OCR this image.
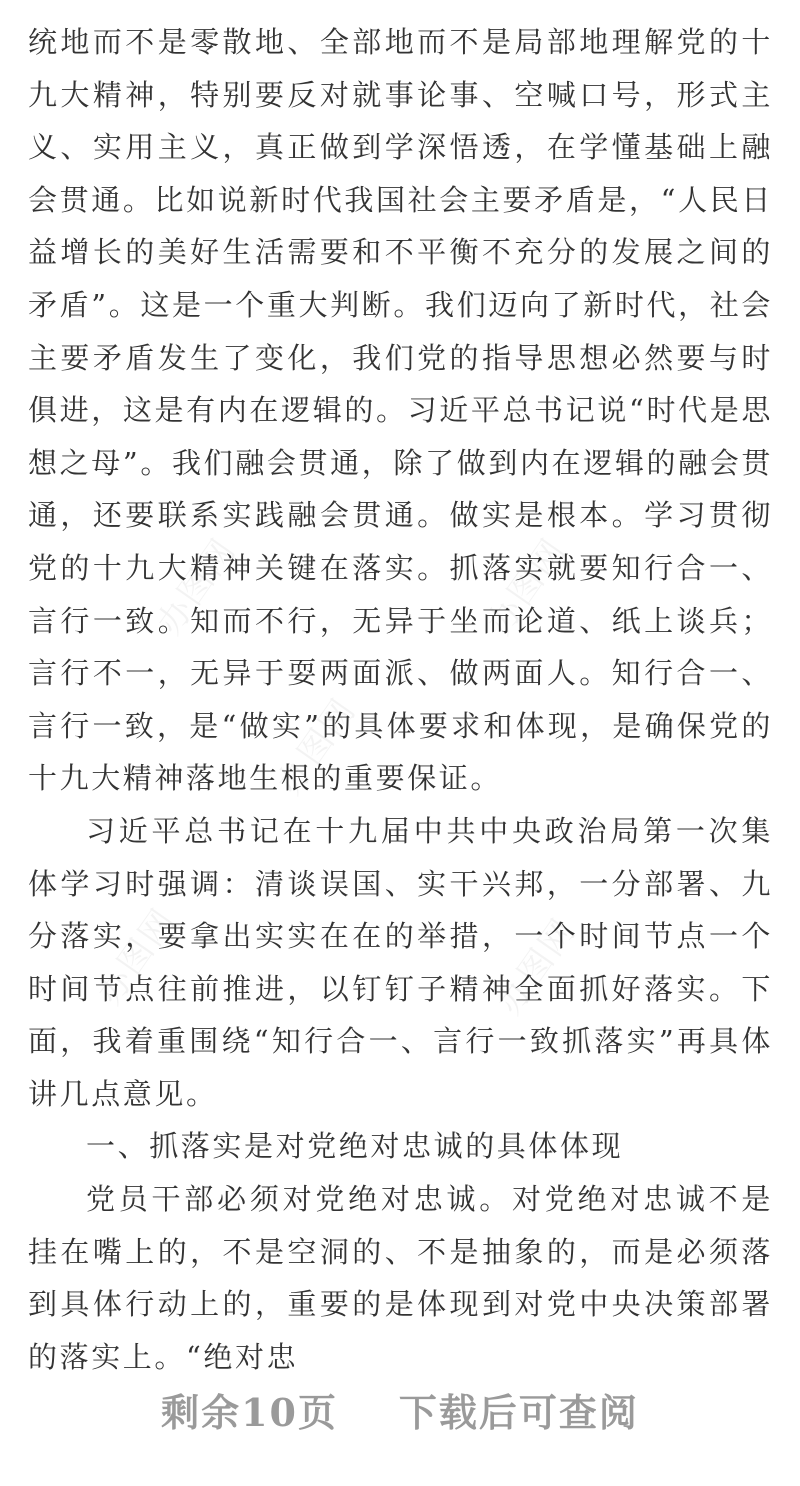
统地而不是零散地、全部地而不是局部地理解党的十九大精神，特别要反对就事论事、空喊口号，形式主义、实用主义，真正做到学深悟透，在学懂基础上融会贯通。比如说新时代我国社会主要矛盾是，“人民日益增长的美好生活需要和不平衡不充分的发展之间的矛盾”。这是一个重大判断。我们迈向了新时代，社会主要矛盾发生了变化，我们党的指导思想必然要与时俱进，这是有内在逻辑的。习近平总书记说“时代是思想之母”。我们融会贯通，除了做到内在逻辑的融会贯通，还要联系实践融会贯通。做实是根本。学习贯彻党的十九大精神关键在落实。抓落实就要知行合一、言行一致。知而不行，无异于坐而论道、纸上谈兵；言行不一，无异于耍两面派、做两面人。知行合一、言行一致，是“做实”的具体要求和体现，是确保党的十九大精神落地生根的重要保证。

习近平总书记在十九届中共中央政治局第一次集体学习时强调：清谈误国、实干兴邦，一分部署、九分落实，要拿出实实在在的举措，一个时间节点一个时间节点往前推进，以钉钉子精神全面抓好落实。下面，我着重围绕“知行合一、言行一致抓落实”再具体讲几点意见。

一、抓落实是对党绝对忠诚的具体体现

党员干部必须对党绝对忠诚。对党绝对忠诚不是挂在嘴上的，不是空洞的、不是抽象的，而是必须落到具体行动上的，重要的是体现到对党中央决策部署的落实上。“绝对忠

剩余10页    下载后可查阅
